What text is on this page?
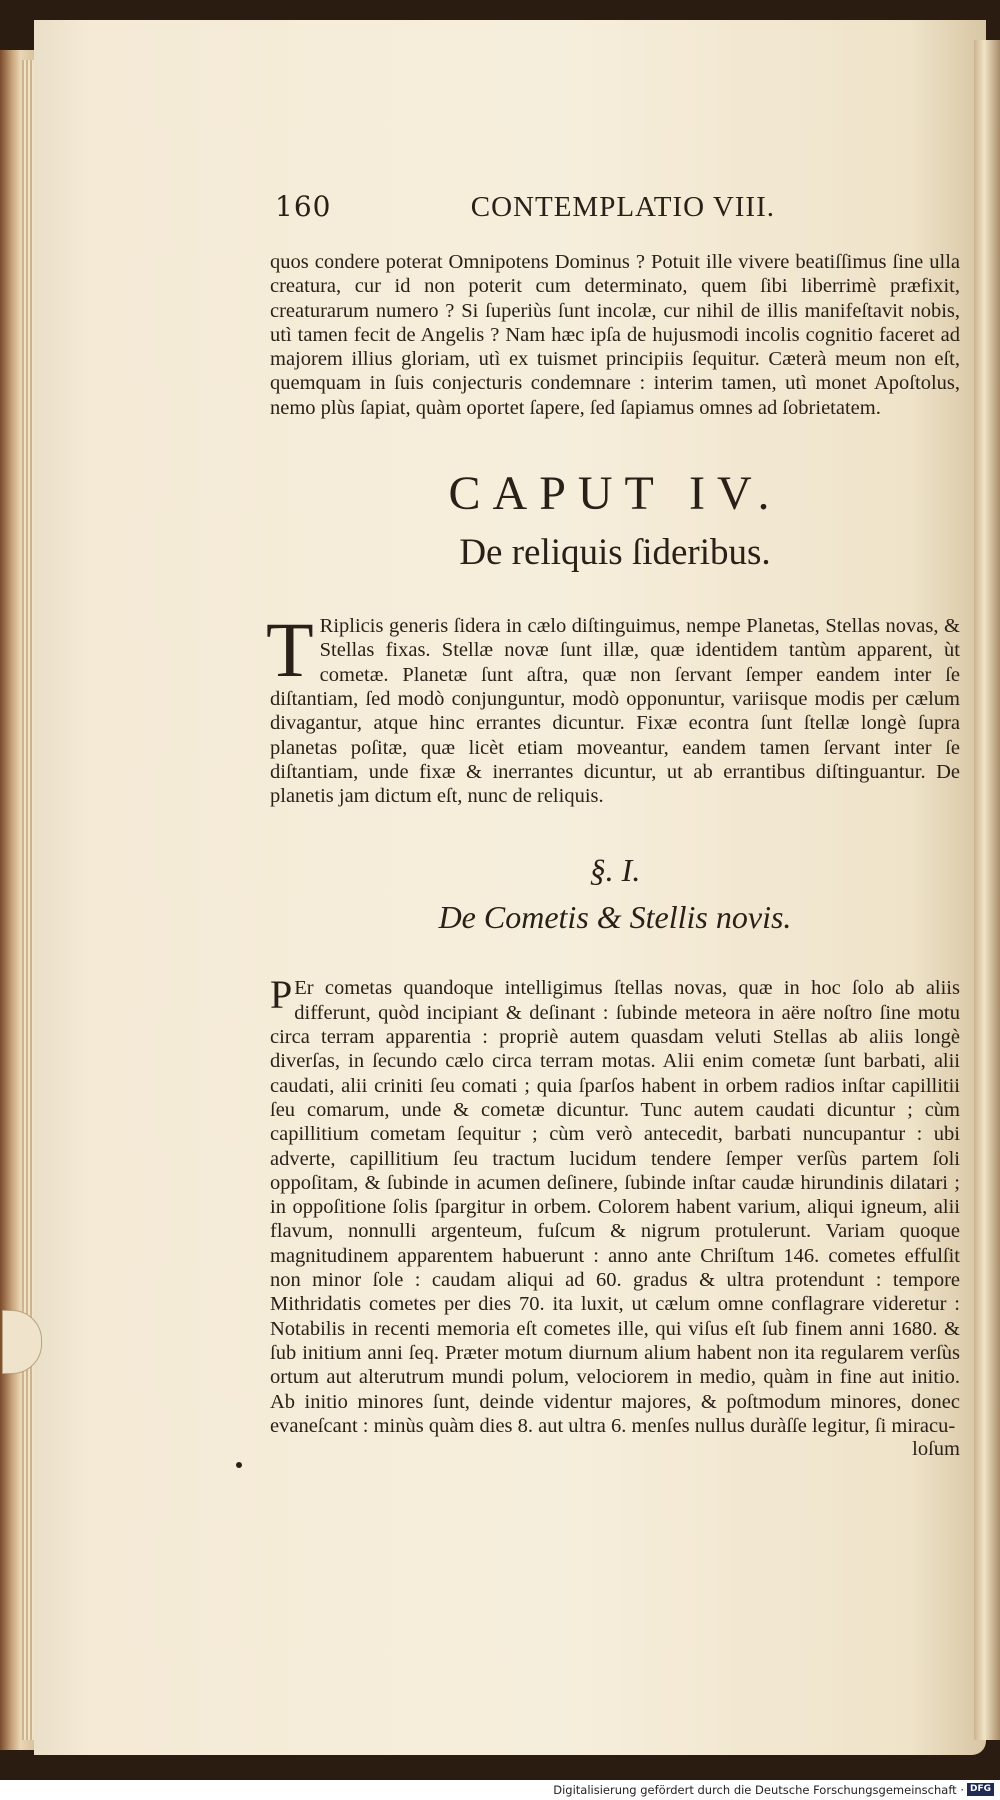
160	CONTEMPLATIO VIII.

quos condere poterat Omnipotens Dominus ? Potuit ille vivere beatiſſimus ſine ulla creatura, cur id non poterit cum determinato, quem ſibi liberrimè præfixit, creaturarum numero ? Si ſuperiùs ſunt incolæ, cur nihil de illis manifeſtavit nobis, utì tamen fecit de Angelis ? Nam hæc ipſa de hujusmodi incolis cognitio faceret ad majorem illius gloriam, utì ex tuismet principiis ſequitur. Cæterà meum non eſt, quemquam in ſuis conjecturis condemnare : interim tamen, utì monet Apoſtolus, nemo plùs ſapiat, quàm oportet ſapere, ſed ſapiamus omnes ad ſobrietatem.

CAPUT IV.
De reliquis ſideribus.

T Riplicis generis ſidera in cælo diſtinguimus, nempe Planetas, Stellas novas, & Stellas fixas. Stellæ novæ ſunt illæ, quæ identidem tantùm apparent, ùt cometæ. Planetæ ſunt aſtra, quæ non ſervant ſemper eandem inter ſe diſtantiam, ſed modò conjunguntur, modò opponuntur, variisque modis per cælum divagantur, atque hinc errantes dicuntur. Fixæ econtra ſunt ſtellæ longè ſupra planetas poſitæ, quæ licèt etiam moveantur, eandem tamen ſervant inter ſe diſtantiam, unde fixæ & inerrantes dicuntur, ut ab errantibus diſtinguantur. De planetis jam dictum eſt, nunc de reliquis.

§. I.
De Cometis & Stellis novis.

P Er cometas quandoque intelligimus ſtellas novas, quæ in hoc ſolo ab aliis differunt, quòd incipiant & deſinant : ſubinde meteora in aëre noſtro ſine motu circa terram apparentia : propriè autem quasdam veluti Stellas ab aliis longè diverſas, in ſecundo cælo circa terram motas. Alii enim cometæ ſunt barbati, alii caudati, alii criniti ſeu comati ; quia ſparſos habent in orbem radios inſtar capillitii ſeu comarum, unde & cometæ dicuntur. Tunc autem caudati dicuntur ; cùm capillitium cometam ſequitur ; cùm verò antecedit, barbati nuncupantur : ubi adverte, capillitium ſeu tractum lucidum tendere ſemper verſùs partem ſoli oppoſitam, & ſubinde in acumen deſinere, ſubinde inſtar caudæ hirundinis dilatari ; in oppoſitione ſolis ſpargitur in orbem. Colorem habent varium, aliqui igneum, alii flavum, nonnulli argenteum, fuſcum & nigrum protulerunt. Variam quoque magnitudinem apparentem habuerunt : anno ante Chriſtum 146. cometes effulſit non minor ſole : caudam aliqui ad 60. gradus & ultra protendunt : tempore Mithridatis cometes per dies 70. ita luxit, ut cælum omne conflagrare videretur : Notabilis in recenti memoria eſt cometes ille, qui viſus eſt ſub finem anni 1680. & ſub initium anni ſeq. Præter motum diurnum alium habent non ita regularem verſùs ortum aut alterutrum mundi polum, velociorem in medio, quàm in fine aut initio. Ab initio minores ſunt, deinde videntur majores, & poſtmodum minores, donec evaneſcant : minùs quàm dies 8. aut ultra 6. menſes nullus duràſſe legitur, ſi miracu-

loſum
Digitalisierung gefördert durch die Deutsche Forschungsgemeinschaft · DFG
